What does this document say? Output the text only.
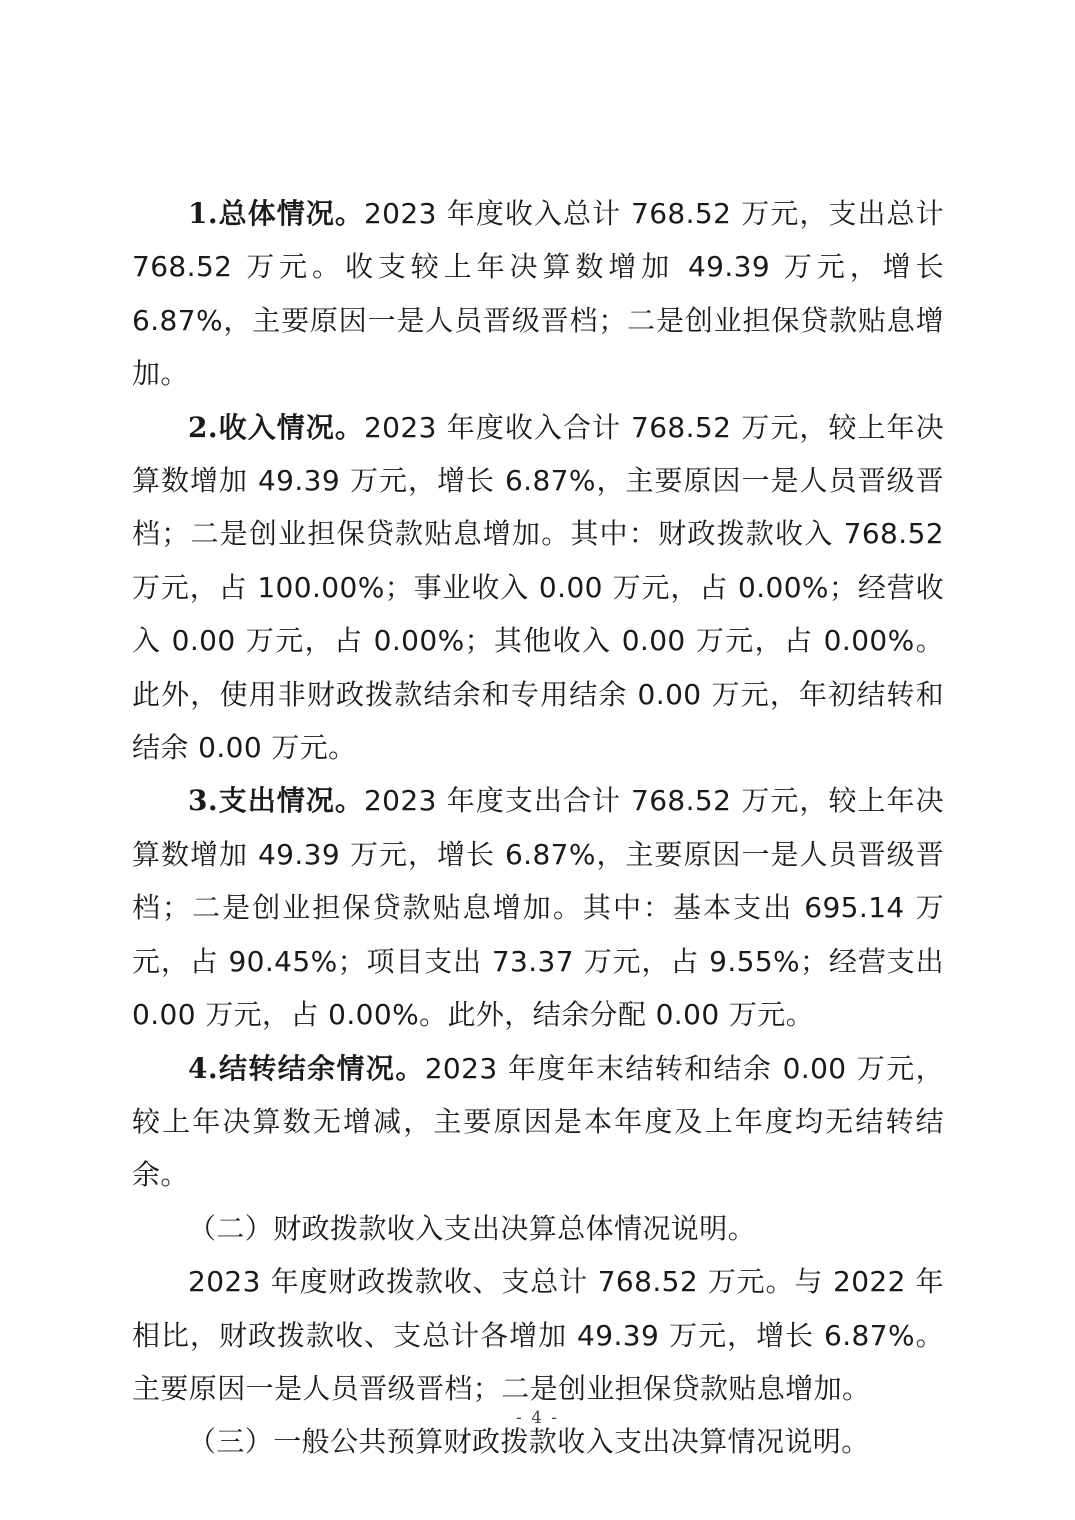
1.总体情况。2023 年度收入总计 768.52 万元，支出总计 768.52 万元。收支较上年决算数增加 49.39 万元，增长 6.87%，主要原因一是人员晋级晋档；二是创业担保贷款贴息增加。

2.收入情况。2023 年度收入合计 768.52 万元，较上年决算数增加 49.39 万元，增长 6.87%，主要原因一是人员晋级晋档；二是创业担保贷款贴息增加。其中：财政拨款收入 768.52 万元，占 100.00%；事业收入 0.00 万元，占 0.00%；经营收入 0.00 万元，占 0.00%；其他收入 0.00 万元，占 0.00%。此外，使用非财政拨款结余和专用结余 0.00 万元，年初结转和结余 0.00 万元。

3.支出情况。2023 年度支出合计 768.52 万元，较上年决算数增加 49.39 万元，增长 6.87%，主要原因一是人员晋级晋档；二是创业担保贷款贴息增加。其中：基本支出 695.14 万元，占 90.45%；项目支出 73.37 万元，占 9.55%；经营支出 0.00 万元，占 0.00%。此外，结余分配 0.00 万元。

4.结转结余情况。2023 年度年末结转和结余 0.00 万元，较上年决算数无增减，主要原因是本年度及上年度均无结转结余。

（二）财政拨款收入支出决算总体情况说明。

2023 年度财政拨款收、支总计 768.52 万元。与 2022 年相比，财政拨款收、支总计各增加 49.39 万元，增长 6.87%。主要原因一是人员晋级晋档；二是创业担保贷款贴息增加。

（三）一般公共预算财政拨款收入支出决算情况说明。

- 4 -
